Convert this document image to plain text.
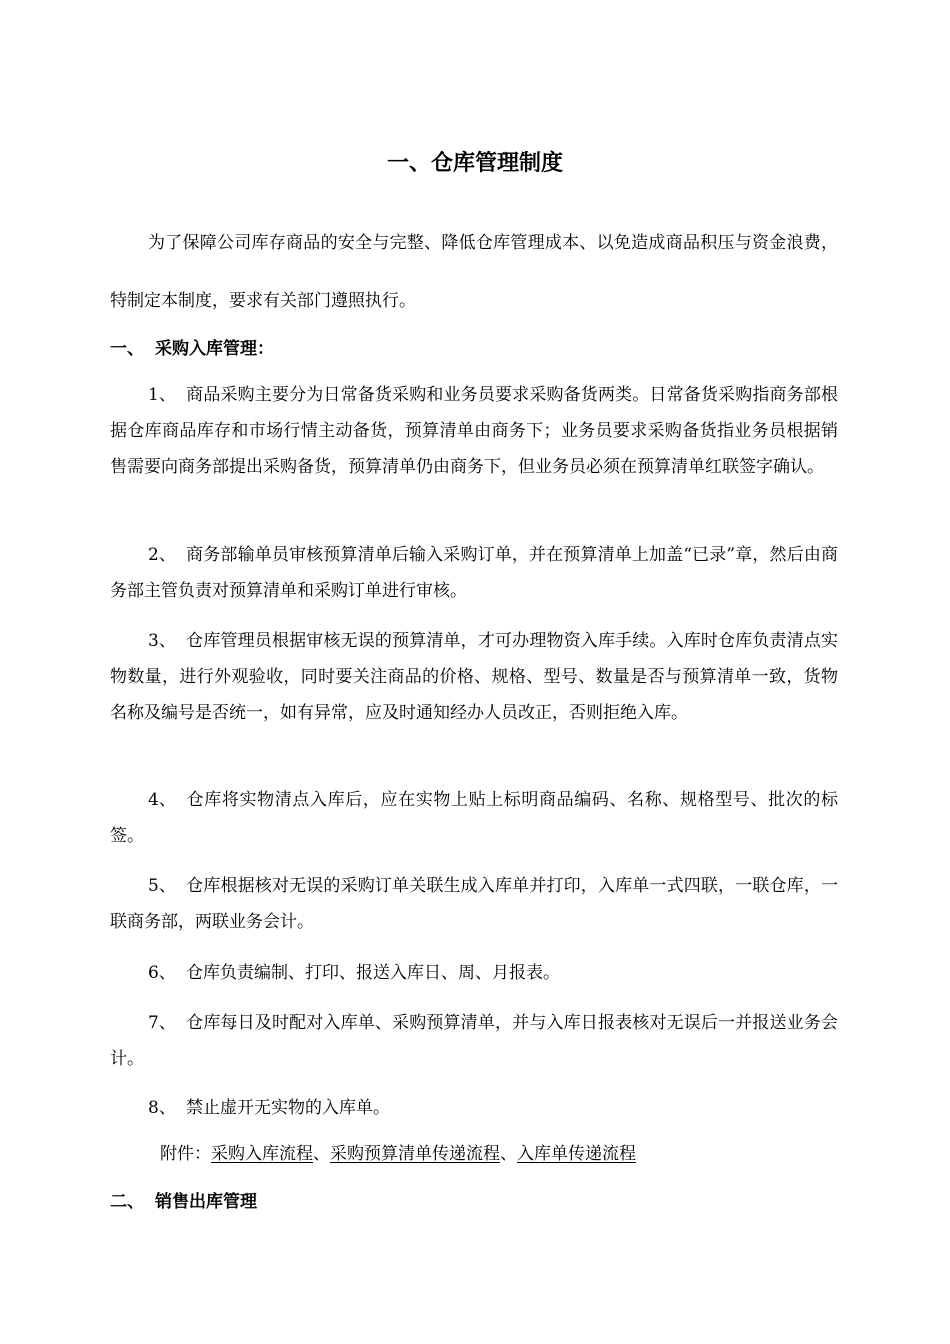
一、仓库管理制度

为了保障公司库存商品的安全与完整、降低仓库管理成本、以免造成商品积压与资金浪费，特制定本制度，要求有关部门遵照执行。

一、 采购入库管理：

1、 商品采购主要分为日常备货采购和业务员要求采购备货两类。日常备货采购指商务部根据仓库商品库存和市场行情主动备货，预算清单由商务下；业务员要求采购备货指业务员根据销售需要向商务部提出采购备货，预算清单仍由商务下，但业务员必须在预算清单红联签字确认。

2、 商务部输单员审核预算清单后输入采购订单，并在预算清单上加盖“已录”章，然后由商务部主管负责对预算清单和采购订单进行审核。

3、 仓库管理员根据审核无误的预算清单，才可办理物资入库手续。入库时仓库负责清点实物数量，进行外观验收，同时要关注商品的价格、规格、型号、数量是否与预算清单一致，货物名称及编号是否统一，如有异常，应及时通知经办人员改正，否则拒绝入库。

4、 仓库将实物清点入库后，应在实物上贴上标明商品编码、名称、规格型号、批次的标签。

5、 仓库根据核对无误的采购订单关联生成入库单并打印，入库单一式四联，一联仓库，一联商务部，两联业务会计。

6、 仓库负责编制、打印、报送入库日、周、月报表。

7、 仓库每日及时配对入库单、采购预算清单，并与入库日报表核对无误后一并报送业务会计。

8、 禁止虚开无实物的入库单。

附件：采购入库流程、采购预算清单传递流程、入库单传递流程
二、 销售出库管理
